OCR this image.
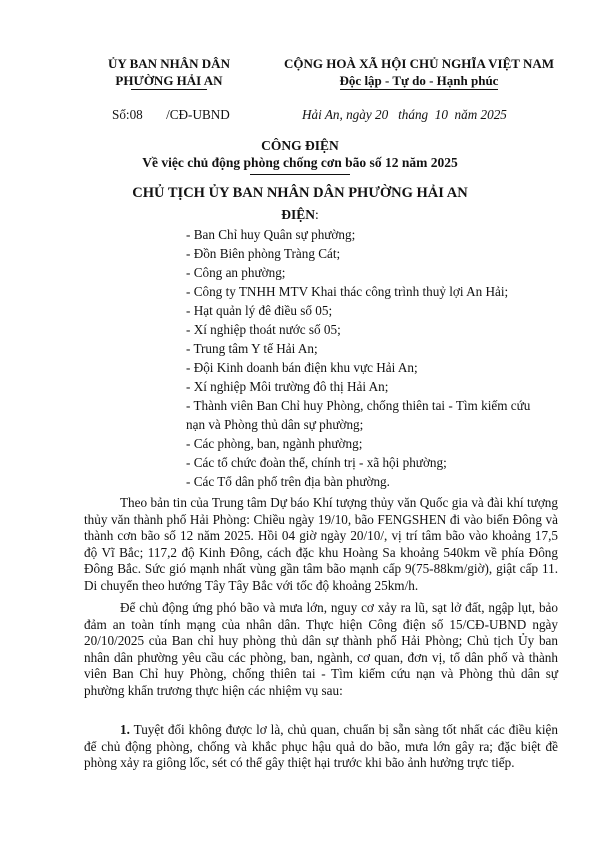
ỦY BAN NHÂN DÂN
PHƯỜNG HẢI AN
CỘNG HOÀ XÃ HỘI CHỦ NGHĨA VIỆT NAM
Độc lập - Tự do - Hạnh phúc
Số:08 /CĐ-UBND	Hải An, ngày 20   tháng  10  năm 2025
CÔNG ĐIỆN
Về việc chủ động phòng chống cơn bão số 12 năm 2025
CHỦ TỊCH ỦY BAN NHÂN DÂN PHƯỜNG HẢI AN
ĐIỆN:
- Ban Chỉ huy Quân sự phường;
- Đồn Biên phòng Tràng Cát;
- Công an phường;
- Công ty TNHH MTV Khai thác công trình thuỷ lợi An Hải;
- Hạt quản lý đê điều số 05;
- Xí nghiệp thoát nước số 05;
- Trung tâm Y tế Hải An;
- Đội Kinh doanh bán điện khu vực Hải An;
- Xí nghiệp Môi trường đô thị Hải An;
- Thành viên Ban Chỉ huy Phòng, chống thiên tai - Tìm kiếm cứu
nạn và Phòng thủ dân sự phường;
- Các phòng, ban, ngành phường;
- Các tổ chức đoàn thể, chính trị - xã hội phường;
- Các Tổ dân phố trên địa bàn phường.
Theo bản tin của Trung tâm Dự báo Khí tượng thủy văn Quốc gia và đài khí tượng thủy văn thành phố Hải Phòng: Chiều ngày 19/10, bão FENGSHEN đi vào biển Đông và thành cơn bão số 12 năm 2025. Hồi 04 giờ ngày 20/10/, vị trí tâm bão vào khoảng 17,5 độ Vĩ Bắc; 117,2 độ Kinh Đông, cách đặc khu Hoàng Sa khoảng 540km về phía Đông Đông Bắc. Sức gió mạnh nhất vùng gần tâm bão mạnh cấp 9(75-88km/giờ), giật cấp 11. Di chuyển theo hướng Tây Tây Bắc với tốc độ khoảng 25km/h.
Để chủ động ứng phó bão và mưa lớn, nguy cơ xảy ra lũ, sạt lở đất, ngập lụt, bảo đảm an toàn tính mạng của nhân dân. Thực hiện Công điện số 15/CĐ-UBND ngày 20/10/2025 của Ban chỉ huy phòng thủ dân sự thành phố Hải Phòng; Chủ tịch Ủy ban nhân dân phường yêu cầu các phòng, ban, ngành, cơ quan, đơn vị, tổ dân phố và thành viên Ban Chỉ huy Phòng, chống thiên tai - Tìm kiếm cứu nạn và Phòng thủ dân sự phường khẩn trương thực hiện các nhiệm vụ sau:
1. Tuyệt đối không được lơ là, chủ quan, chuẩn bị sẵn sàng tốt nhất các điều kiện để chủ động phòng, chống và khắc phục hậu quả do bão, mưa lớn gây ra; đặc biệt đề phòng xảy ra giông lốc, sét có thể gây thiệt hại trước khi bão ảnh hưởng trực tiếp.
